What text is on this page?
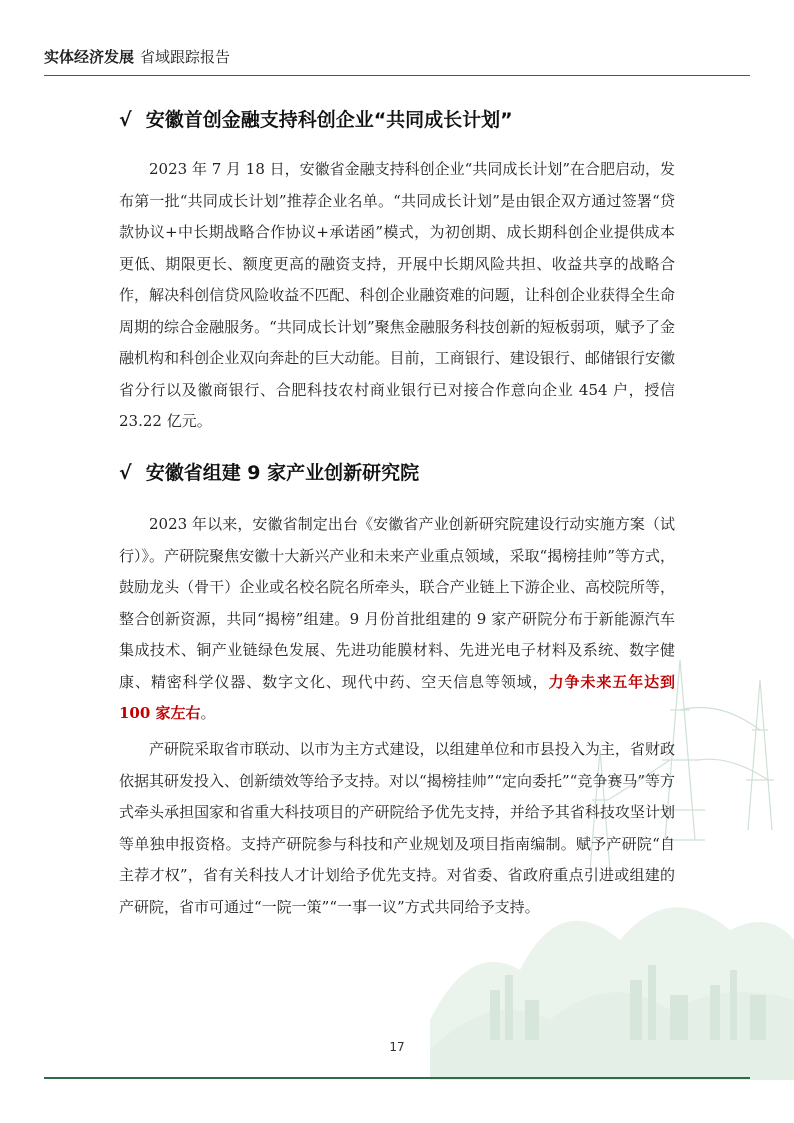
实体经济发展 省域跟踪报告
√ 安徽首创金融支持科创企业“共同成长计划”

2023 年 7 月 18 日，安徽省金融支持科创企业“共同成长计划”在合肥启动，发布第一批“共同成长计划”推荐企业名单。“共同成长计划”是由银企双方通过签署“贷款协议+中长期战略合作协议+承诺函”模式，为初创期、成长期科创企业提供成本更低、期限更长、额度更高的融资支持，开展中长期风险共担、收益共享的战略合作，解决科创信贷风险收益不匹配、科创企业融资难的问题，让科创企业获得全生命周期的综合金融服务。“共同成长计划”聚焦金融服务科技创新的短板弱项，赋予了金融机构和科创企业双向奔赴的巨大动能。目前，工商银行、建设银行、邮储银行安徽省分行以及徽商银行、合肥科技农村商业银行已对接合作意向企业 454 户，授信 23.22 亿元。

√ 安徽省组建 9 家产业创新研究院

2023 年以来，安徽省制定出台《安徽省产业创新研究院建设行动实施方案（试行）》。产研院聚焦安徽十大新兴产业和未来产业重点领域，采取“揭榜挂帅”等方式，鼓励龙头（骨干）企业或名校名院名所牵头，联合产业链上下游企业、高校院所等，整合创新资源，共同“揭榜”组建。9 月份首批组建的 9 家产研院分布于新能源汽车集成技术、铜产业链绿色发展、先进功能膜材料、先进光电子材料及系统、数字健康、精密科学仪器、数字文化、现代中药、空天信息等领域，力争未来五年达到 100 家左右。

产研院采取省市联动、以市为主方式建设，以组建单位和市县投入为主，省财政依据其研发投入、创新绩效等给予支持。对以“揭榜挂帅”“定向委托”“竞争赛马”等方式牵头承担国家和省重大科技项目的产研院给予优先支持，并给予其省科技攻坚计划等单独申报资格。支持产研院参与科技和产业规划及项目指南编制。赋予产研院“自主荐才权”，省有关科技人才计划给予优先支持。对省委、省政府重点引进或组建的产研院，省市可通过“一院一策”“一事一议”方式共同给予支持。

17
